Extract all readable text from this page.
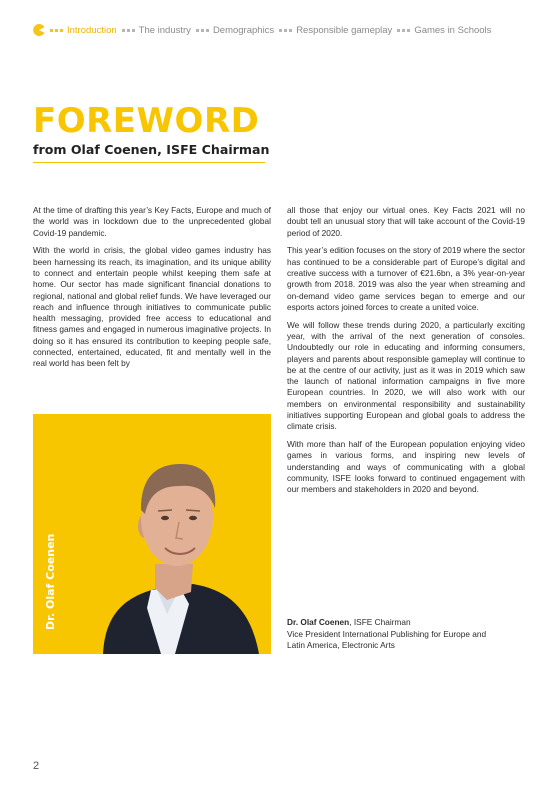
Introduction The industry Demographics Responsible gameplay Games in Schools
FOREWORD
from Olaf Coenen, ISFE Chairman

At the time of drafting this year’s Key Facts, Europe and much of the world was in lockdown due to the unprecedented global Covid-19 pandemic.

With the world in crisis, the global video games industry has been harnessing its reach, its imagination, and its unique ability to connect and entertain people whilst keeping them safe at home. Our sector has made significant financial donations to regional, national and global relief funds. We have leveraged our reach and influence through initiatives to communicate public health messaging, provided free access to educational and fitness games and engaged in numerous imaginative projects. In doing so it has ensured its contribution to keeping people safe, connected, entertained, educated, fit and mentally well in the real world has been felt by

all those that enjoy our virtual ones. Key Facts 2021 will no doubt tell an unusual story that will take account of the Covid-19 period of 2020.

This year’s edition focuses on the story of 2019 where the sector has continued to be a considerable part of Europe’s digital and creative success with a turnover of €21.6bn, a 3% year-on-year growth from 2018. 2019 was also the year when streaming and on-demand video game services began to emerge and our esports actors joined forces to create a united voice.

We will follow these trends during 2020, a particularly exciting year, with the arrival of the next generation of consoles. Undoubtedly our role in educating and informing consumers, players and parents about responsible gameplay will continue to be at the centre of our activity, just as it was in 2019 which saw the launch of national information campaigns in five more European countries. In 2020, we will also work with our members on environmental responsibility and sustainability initiatives supporting European and global goals to address the climate crisis.

With more than half of the European population enjoying video games in various forms, and inspiring new levels of understanding and ways of communicating with a global community, ISFE looks forward to continued engagement with our members and stakeholders in 2020 and beyond.

Dr. Olaf Coenen	Dr. Olaf Coenen, ISFE Chairman
Vice President International Publishing for Europe and
Latin America, Electronic Arts
2
